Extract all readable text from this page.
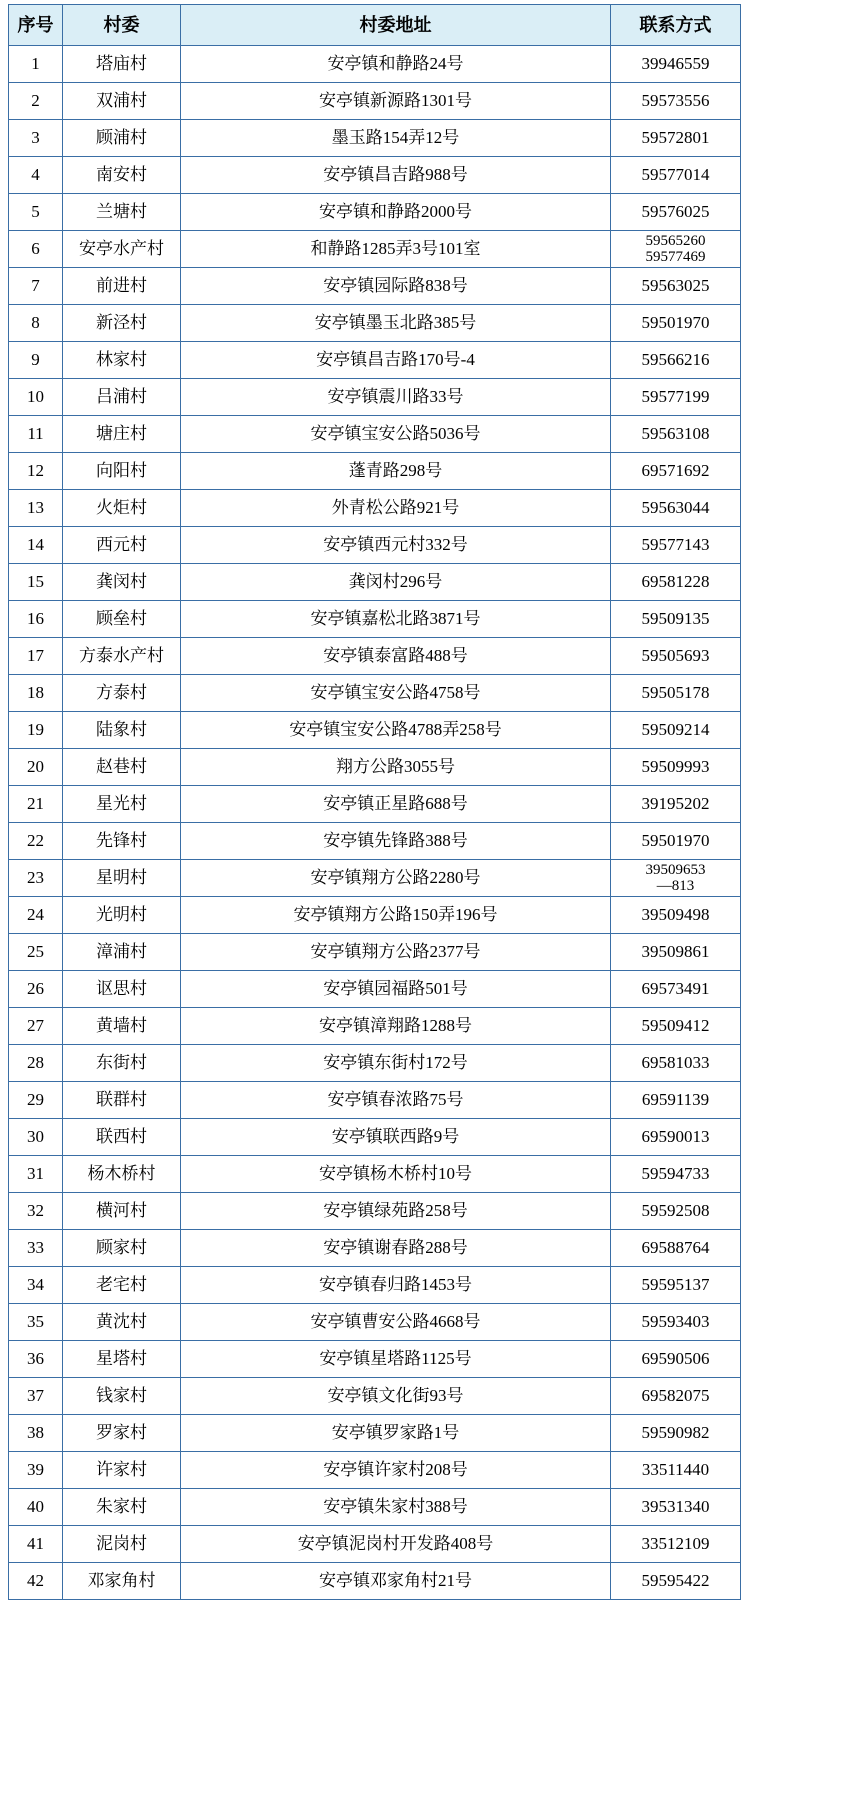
序号	村委	村委地址	联系方式
1	塔庙村	安亭镇和静路24号	39946559
2	双浦村	安亭镇新源路1301号	59573556
3	顾浦村	墨玉路154弄12号	59572801
4	南安村	安亭镇昌吉路988号	59577014
5	兰塘村	安亭镇和静路2000号	59576025
6	安亭水产村	和静路1285弄3号101室	59565260
59577469

7	前进村	安亭镇园际路838号	59563025
8	新泾村	安亭镇墨玉北路385号	59501970
9	林家村	安亭镇昌吉路170号-4	59566216
10	吕浦村	安亭镇震川路33号	59577199
11	塘庄村	安亭镇宝安公路5036号	59563108
12	向阳村	蓬青路298号	69571692
13	火炬村	外青松公路921号	59563044
14	西元村	安亭镇西元村332号	59577143
15	龚闵村	龚闵村296号	69581228
16	顾垒村	安亭镇嘉松北路3871号	59509135
17	方泰水产村	安亭镇泰富路488号	59505693
18	方泰村	安亭镇宝安公路4758号	59505178
19	陆象村	安亭镇宝安公路4788弄258号	59509214
20	赵巷村	翔方公路3055号	59509993
21	星光村	安亭镇正星路688号	39195202
22	先锋村	安亭镇先锋路388号	59501970
23	星明村	安亭镇翔方公路2280号	39509653
—813

24	光明村	安亭镇翔方公路150弄196号	39509498
25	漳浦村	安亭镇翔方公路2377号	39509861
26	讴思村	安亭镇园福路501号	69573491
27	黄墙村	安亭镇漳翔路1288号	59509412
28	东街村	安亭镇东街村172号	69581033
29	联群村	安亭镇春浓路75号	69591139
30	联西村	安亭镇联西路9号	69590013
31	杨木桥村	安亭镇杨木桥村10号	59594733
32	横河村	安亭镇绿苑路258号	59592508
33	顾家村	安亭镇谢春路288号	69588764
34	老宅村	安亭镇春归路1453号	59595137
35	黄沈村	安亭镇曹安公路4668号	59593403
36	星塔村	安亭镇星塔路1125号	69590506
37	钱家村	安亭镇文化街93号	69582075
38	罗家村	安亭镇罗家路1号	59590982
39	许家村	安亭镇许家村208号	33511440
40	朱家村	安亭镇朱家村388号	39531340
41	泥岗村	安亭镇泥岗村开发路408号	33512109
42	邓家角村	安亭镇邓家角村21号	59595422
